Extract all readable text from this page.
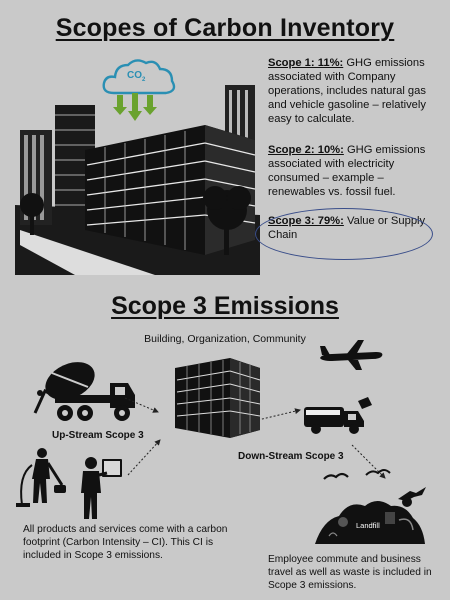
Scopes of Carbon Inventory
$CO_2$
Scope 1: 11%: GHG emissions associated with Company operations, includes natural gas and vehicle gasoline – relatively easy to calculate.
Scope 2: 10%: GHG emissions associated with electricity consumed – example – renewables vs. fossil fuel.
Scope 3: 79%: Value or Supply Chain
Scope 3 Emissions
Building, Organization, Community
Up-Stream Scope 3
Down-Stream Scope 3
Landfill
All products and services come with a carbon footprint (Carbon Intensity – CI). This CI is included in Scope 3 emissions.	Employee commute and business travel as well as waste is included in Scope 3 emissions.
